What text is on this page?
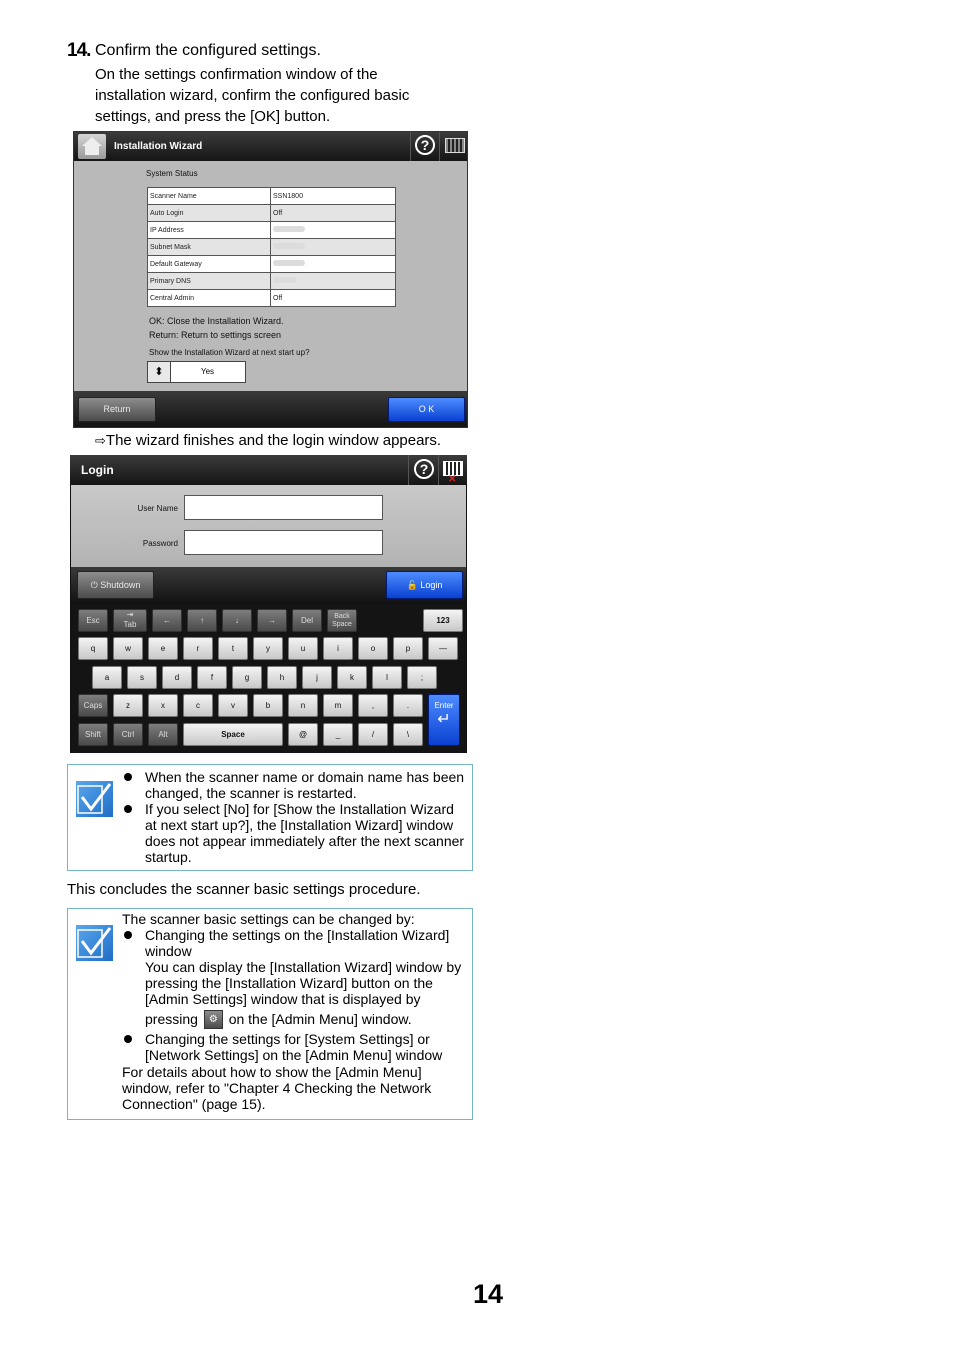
14. Confirm the configured settings.
On the settings confirmation window of the
installation wizard, confirm the configured basic
settings, and press the [OK] button.
Installation Wizard	?
System Status
Scanner Name	SSN1800
Auto Login	Off
IP Address	
Subnet Mask	
Default Gateway	
Primary DNS	
Central Admin	Off
OK: Close the Installation Wizard.
Return: Return to settings screen
Show the Installation Wizard at next start up?
⬍	Yes
Return	O K
⇨The wizard finishes and the login window appears.
Login	?
✕
User Name
Password
⏻ Shutdown	🔓 Login
Esc
⇥
Tab	←	↑	↓	→	Del	Back Space	123
q	w	e	r	t	y	u	i	o	p	—
a	s	d	f	g	h	j	k	l	;
Caps	z	x	c	v	b	n	m	,	.	Enter
↵
Shift	Ctrl	Alt	Space	@	_	/	\
When the scanner name or domain name has been changed, the scanner is restarted.
If you select [No] for [Show the Installation Wizard at next start up?], the [Installation Wizard] window does not appear immediately after the next scanner startup.
This concludes the scanner basic settings procedure.
The scanner basic settings can be changed by:
Changing the settings on the [Installation Wizard] window
You can display the [Installation Wizard] window by pressing the [Installation Wizard] button on the [Admin Settings] window that is displayed by
pressing ⚙ on the [Admin Menu] window.
Changing the settings for [System Settings] or [Network Settings] on the [Admin Menu] window
For details about how to show the [Admin Menu] window, refer to "Chapter 4 Checking the Network Connection" (page 15).
14
